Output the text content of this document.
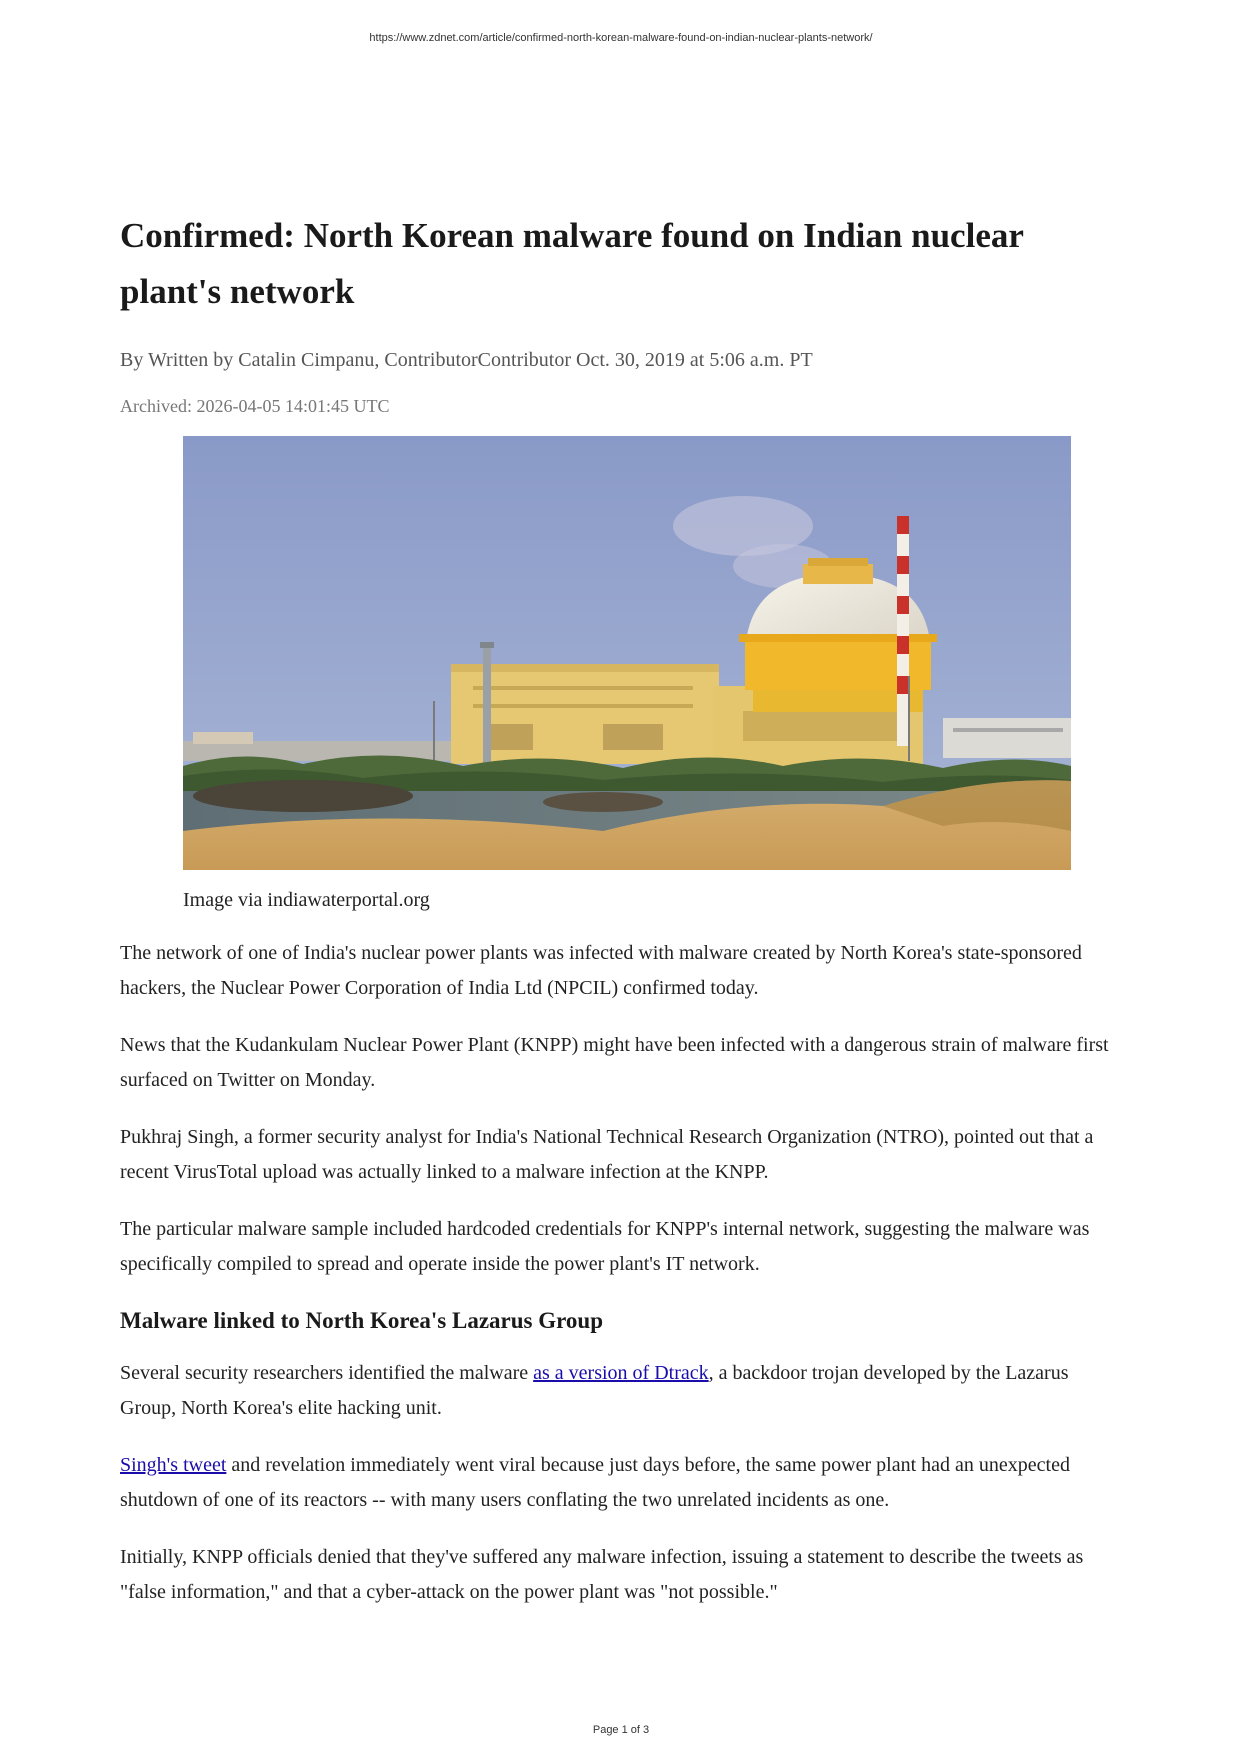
https://www.zdnet.com/article/confirmed-north-korean-malware-found-on-indian-nuclear-plants-network/
Confirmed: North Korean malware found on Indian nuclear plant's network
By Written by Catalin Cimpanu, ContributorContributor Oct. 30, 2019 at 5:06 a.m. PT
Archived: 2026-04-05 14:01:45 UTC
Image via indiawaterportal.org

The network of one of India's nuclear power plants was infected with malware created by North Korea's state-sponsored hackers, the Nuclear Power Corporation of India Ltd (NPCIL) confirmed today.

News that the Kudankulam Nuclear Power Plant (KNPP) might have been infected with a dangerous strain of malware first surfaced on Twitter on Monday.

Pukhraj Singh, a former security analyst for India's National Technical Research Organization (NTRO), pointed out that a recent VirusTotal upload was actually linked to a malware infection at the KNPP.

The particular malware sample included hardcoded credentials for KNPP's internal network, suggesting the malware was specifically compiled to spread and operate inside the power plant's IT network.

Malware linked to North Korea's Lazarus Group

Several security researchers identified the malware as a version of Dtrack, a backdoor trojan developed by the Lazarus Group, North Korea's elite hacking unit.

Singh's tweet and revelation immediately went viral because just days before, the same power plant had an unexpected shutdown of one of its reactors -- with many users conflating the two unrelated incidents as one.

Initially, KNPP officials denied that they've suffered any malware infection, issuing a statement to describe the tweets as "false information," and that a cyber-attack on the power plant was "not possible."

Page 1 of 3
